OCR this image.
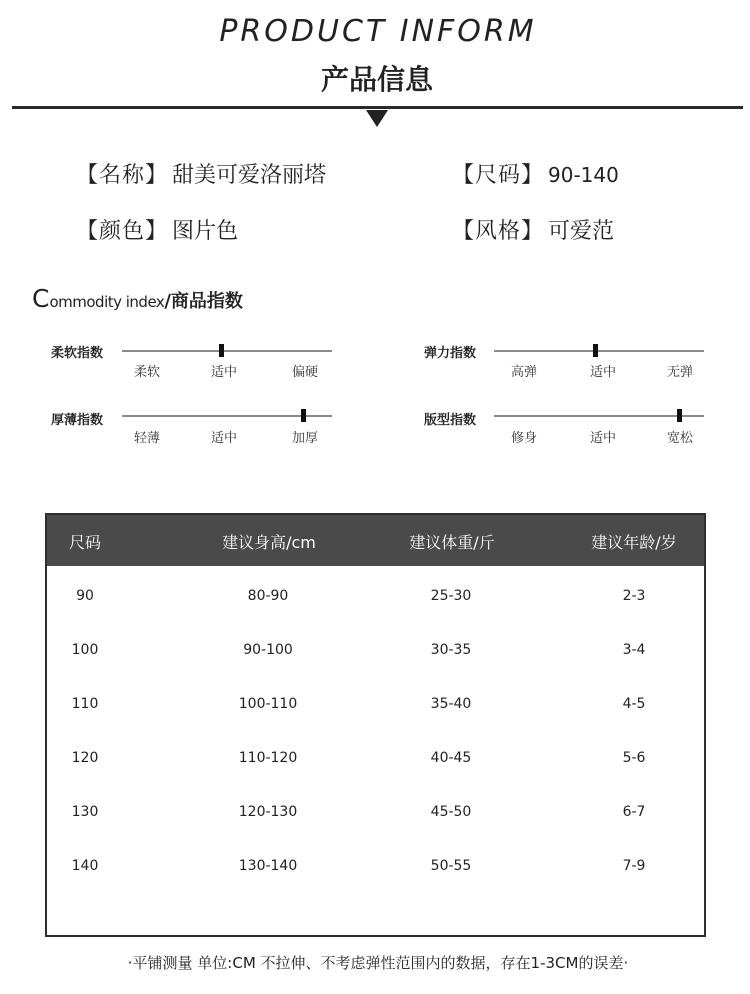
PRODUCT INFORM
产品信息
【名称】 甜美可爱洛丽塔	【尺码】 90-140
【颜色】 图片色	【风格】 可爱范
Commodity index/商品指数
柔软指数
柔软	适中	偏硬
弹力指数
高弹	适中	无弹
厚薄指数
轻薄	适中	加厚
版型指数
修身	适中	宽松
尺码	建议身高/cm	建议体重/斤	建议年龄/岁
90	80-90	25-30	2-3
100	90-100	30-35	3-4
110	100-110	35-40	4-5
120	110-120	40-45	5-6
130	120-130	45-50	6-7
140	130-140	50-55	7-9
·平铺测量 单位:CM 不拉伸、不考虑弹性范围内的数据，存在1-3CM的误差·
